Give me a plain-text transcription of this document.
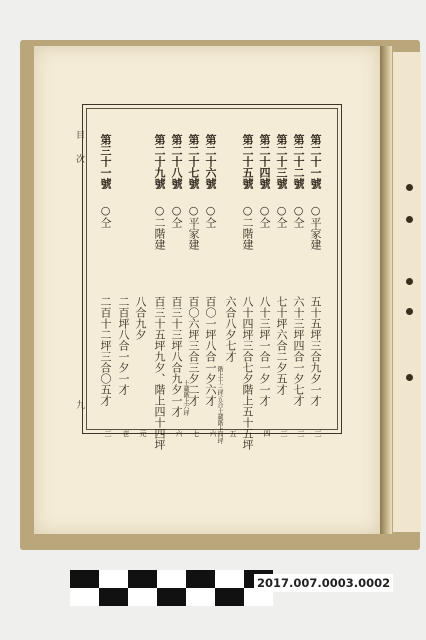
目
次
九
第二十一號
○平家建
五十五坪三合九夕一才
三
第二十二號
○仝
六十三坪四合一夕七才
三
第二十三號
○仝
七十坪六合二夕五才
三
第二十四號
○仝
八十三坪一合一夕一才
四
第二十五號
○二階建
八十四坪三合七夕階上五十五坪
六合八夕七才
五
第二十六號
○仝
百〇一坪八合一夕六才 階上十三坪五合土蔵階上四坪
六
第二十七號
○平家建
百〇六坪三合三夕二才
七
第二十八號
○仝
百三十三坪八合九夕一才 土蔵階上六坪
六
第二十九號
○二階建
百三十五坪九夕、階上四十四坪
八合九夕
元
二百坪八合一夕一才
壱
第三十一號
○仝
二百十二坪三合〇五才
三
2017.007.0003.0002
